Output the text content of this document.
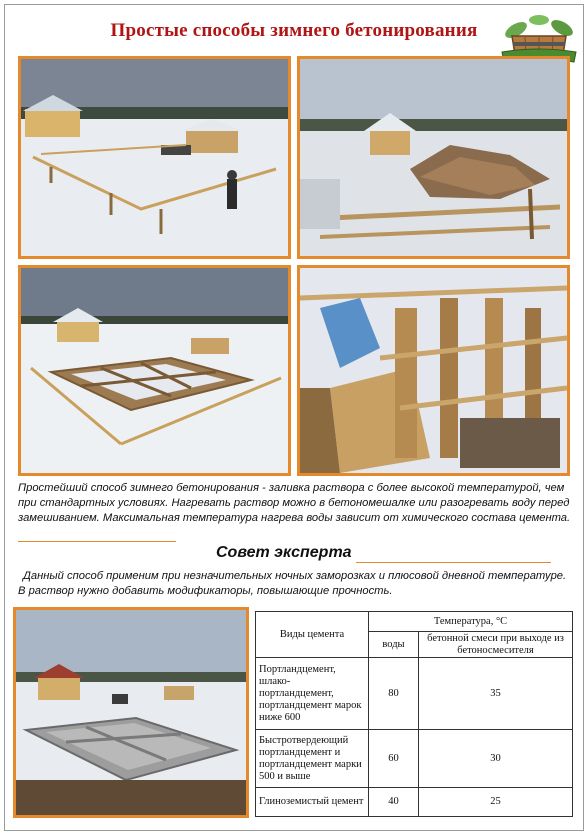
Простые способы зимнего бетонирования

Простейший способ зимнего бетонирования - заливка раствора с более высокой температурой, чем при стандартных условиях. Нагревать раствор можно в бетономешалке или разогревать воду перед замешиванием. Максимальная температура нагрева воды зависит от химического состава цемента.

Совет эксперта

Данный способ применим при незначительных ночных заморозках и плюсовой дневной температуре. В раствор нужно добавить модификаторы, повышающие прочность.

Виды цемента	Температура, °С	
	воды	бетонной смеси при выходе из бетоносмесителя
Портландцемент, шлако-портландцемент, портландцемент марок ниже 600	80	35
Быстротвердеющий портландцемент и портландцемент марки 500 и выше	60	30
Глиноземистый цемент	40	25
